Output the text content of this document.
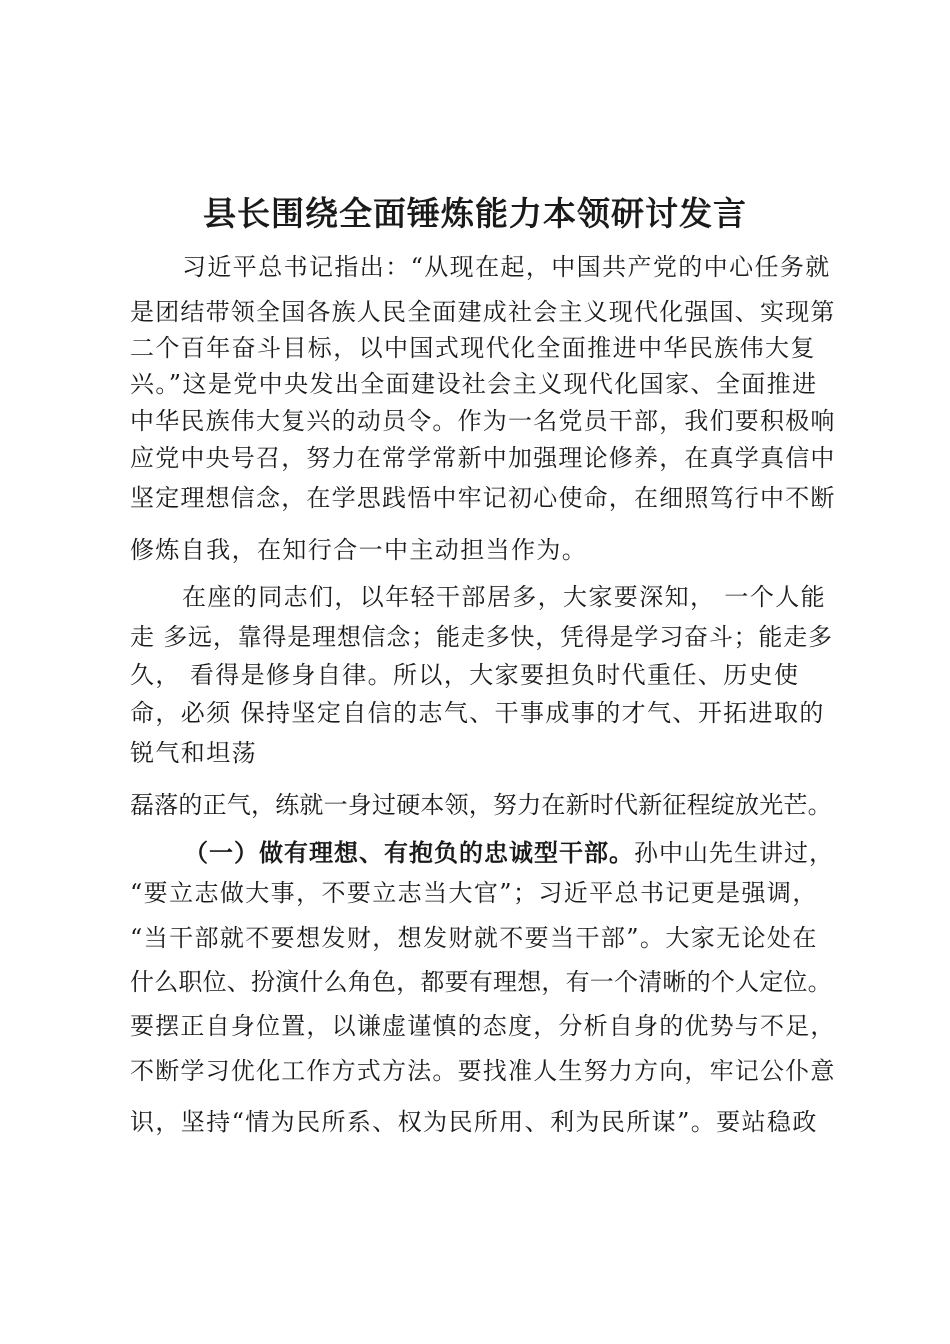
县长围绕全面锤炼能力本领研讨发言
习近平总书记指出：“从现在起，中国共产党的中心任务就
是团结带领全国各族人民全面建成社会主义现代化强国、实现第
二个百年奋斗目标，以中国式现代化全面推进中华民族伟大复
兴。”这是党中央发出全面建设社会主义现代化国家、全面推进
中华民族伟大复兴的动员令。作为一名党员干部，我们要积极响
应党中央号召，努力在常学常新中加强理论修养，在真学真信中
坚定理想信念，在学思践悟中牢记初心使命，在细照笃行中不断
修炼自我，在知行合一中主动担当作为。
在座的同志们，以年轻干部居多，大家要深知， 一个人能
走 多远，靠得是理想信念；能走多快，凭得是学习奋斗；能走多
久， 看得是修身自律。所以，大家要担负时代重任、历史使
命，必须 保持坚定自信的志气、干事成事的才气、开拓进取的
锐气和坦荡
磊落的正气，练就一身过硬本领，努力在新时代新征程绽放光芒。
（一）做有理想、有抱负的忠诚型干部。孙中山先生讲过，
“要立志做大事，不要立志当大官”；习近平总书记更是强调，
“当干部就不要想发财，想发财就不要当干部”。大家无论处在
什么职位、扮演什么角色，都要有理想，有一个清晰的个人定位。
要摆正自身位置，以谦虚谨慎的态度，分析自身的优势与不足，
不断学习优化工作方式方法。要找准人生努力方向，牢记公仆意
识，坚持“情为民所系、权为民所用、利为民所谋”。要站稳政
